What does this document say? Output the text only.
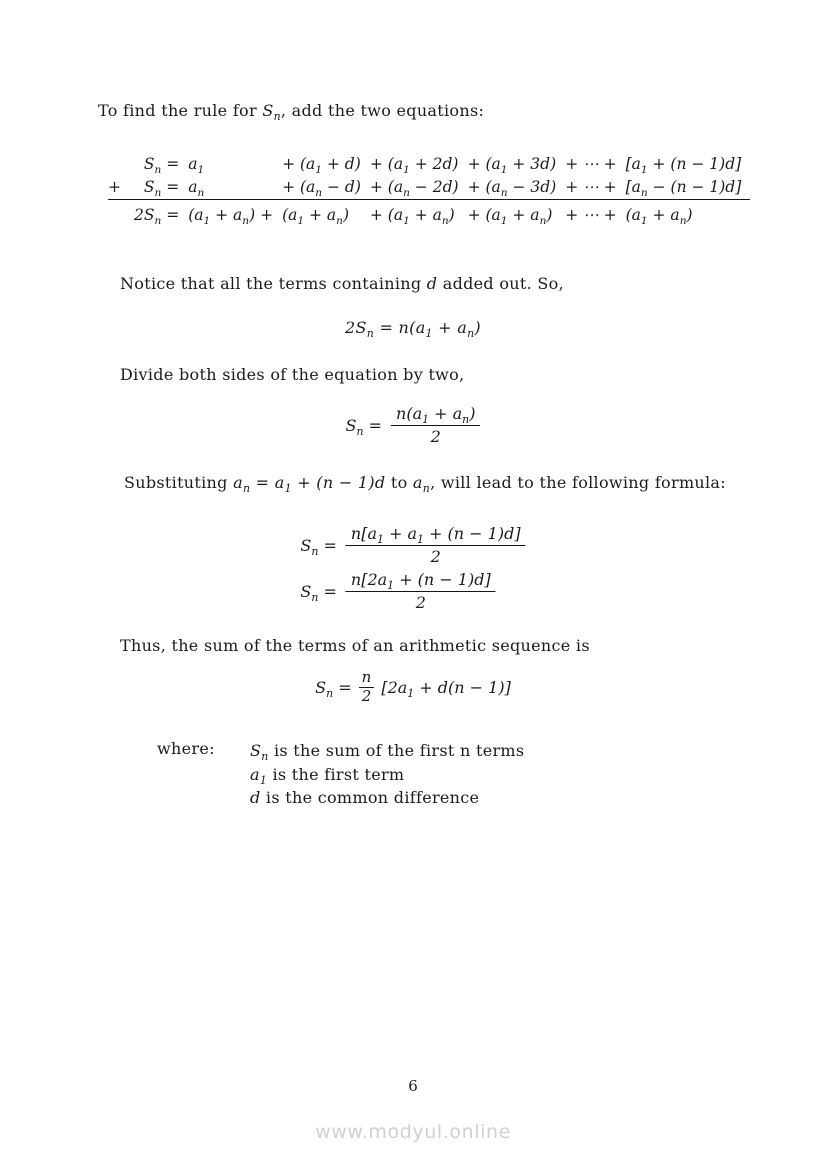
To find the rule for $S_n$, add the two equations:
	$S_n$ =	$a_1$	+ $(a_1 + d)$	+ $(a_1 + 2d)$	+ $(a_1 + 3d)$	+ ⋯ +	$[a_1 + (n - 1)d]$
+	$S_n$ =	$a_n$	+ $(a_n - d)$	+ $(a_n - 2d)$	+ $(a_n - 3d)$	+ ⋯ +	$[a_n - (n - 1)d]$
	$2S_n$ =	$(a_1 + a_n)$ +	$(a_1 + a_n)$	+ $(a_1 + a_n)$	+ $(a_1 + a_n)$	+ ⋯ +	$(a_1 + a_n)$
Notice that all the terms containing d added out. So,
$2S_n = n(a_1 + a_n)$
Divide both sides of the equation by two,
$S_n = \frac{n(a_1 + a_n)}{2}$
Substituting $a_n = a_1 + (n - 1)d$ to $a_n$, will lead to the following formula:
$S_n = \frac{n[a_1 + a_1 + (n - 1)d]}{2}$
$S_n = \frac{n[2a_1 + (n - 1)d]}{2}$
Thus, the sum of the terms of an arithmetic sequence is
$S_n = \frac{n}{2} [2a_1 + d(n - 1)]$
where:	$S_n$ is the sum of the first n terms
$a_1$ is the first term
d is the common difference
6
www.modyul.online
